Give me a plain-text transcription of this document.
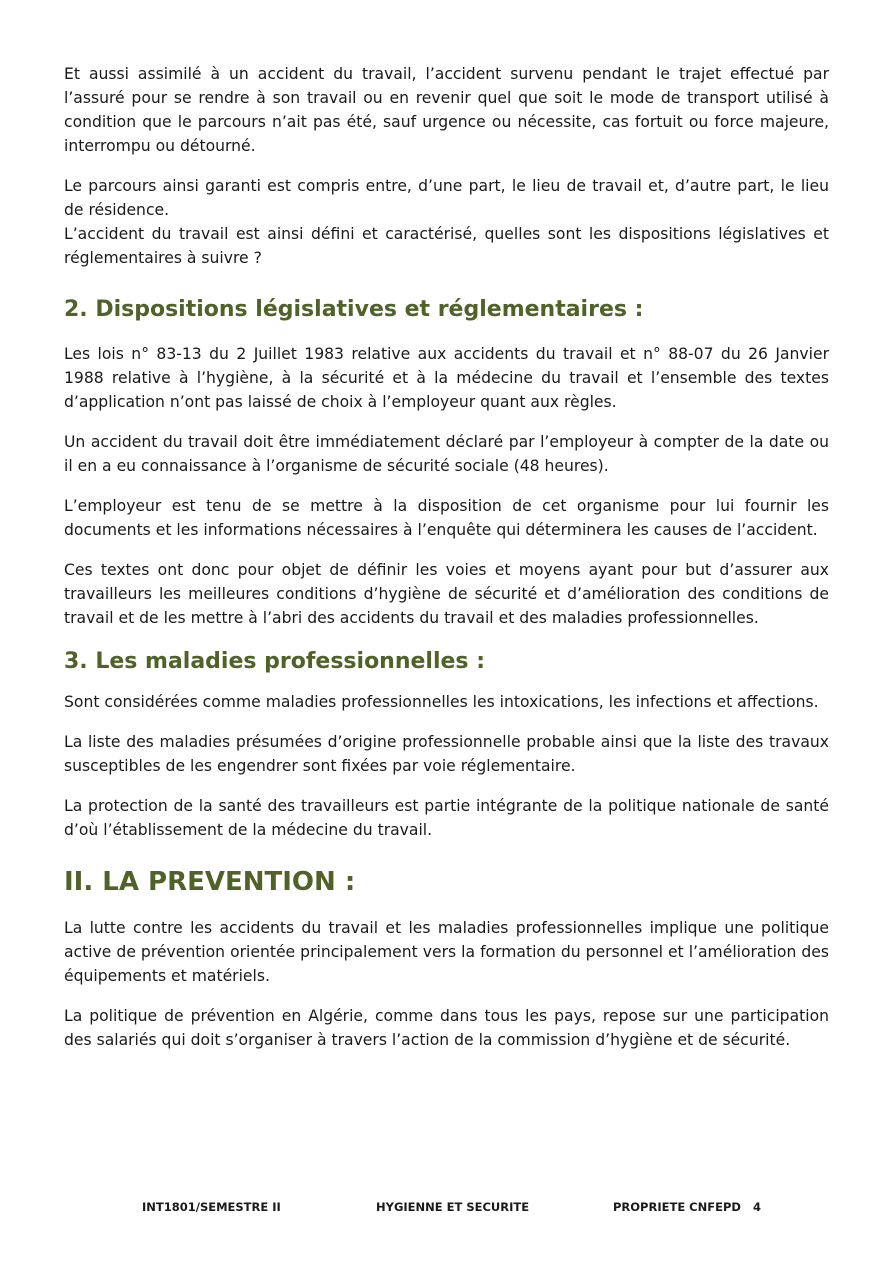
Et aussi assimilé à un accident du travail, l’accident survenu pendant le trajet effectué par l’assuré pour se rendre à son travail ou en revenir quel que soit le mode de transport utilisé à condition que le parcours n’ait pas été, sauf urgence ou nécessite, cas fortuit ou force majeure, interrompu ou détourné.

Le parcours ainsi garanti est compris entre, d’une part, le lieu de travail et, d’autre part, le lieu de résidence.

L’accident du travail est ainsi défini et caractérisé, quelles sont les dispositions législatives et réglementaires à suivre ?

2. Dispositions législatives et réglementaires :

Les lois n° 83-13 du 2 Juillet 1983 relative aux accidents du travail et n° 88-07 du 26 Janvier 1988 relative à l’hygiène, à la sécurité et à la médecine du travail et l’ensemble des textes d’application n’ont pas laissé de choix à l’employeur quant aux règles.

Un accident du travail doit être immédiatement déclaré par l’employeur à compter de la date ou il en a eu connaissance à l’organisme de sécurité sociale (48 heures).

L’employeur est tenu de se mettre à la disposition de cet organisme pour lui fournir les documents et les informations nécessaires à l’enquête qui déterminera les causes de l’accident.

Ces textes ont donc pour objet de définir les voies et moyens ayant pour but d’assurer aux travailleurs les meilleures conditions d’hygiène de sécurité et d’amélioration des conditions de travail et de les mettre à l’abri des accidents du travail et des maladies professionnelles.

3. Les maladies professionnelles :

Sont considérées comme maladies professionnelles les intoxications, les infections et affections.

La liste des maladies présumées d’origine professionnelle probable ainsi que la liste des travaux susceptibles de les engendrer sont fixées par voie réglementaire.

La protection de la santé des travailleurs est partie intégrante de la politique nationale de santé d’où l’établissement de la médecine du travail.

II. LA PREVENTION :

La lutte contre les accidents du travail et les maladies professionnelles implique une politique active de prévention orientée principalement vers la formation du personnel et l’amélioration des équipements et matériels.

La politique de prévention en Algérie, comme dans tous les pays, repose sur une participation des salariés qui doit s’organiser à travers l’action de la commission d’hygiène et de sécurité.

INT1801/SEMESTRE II	HYGIENNE ET SECURITE	PROPRIETE CNFEPD 4
